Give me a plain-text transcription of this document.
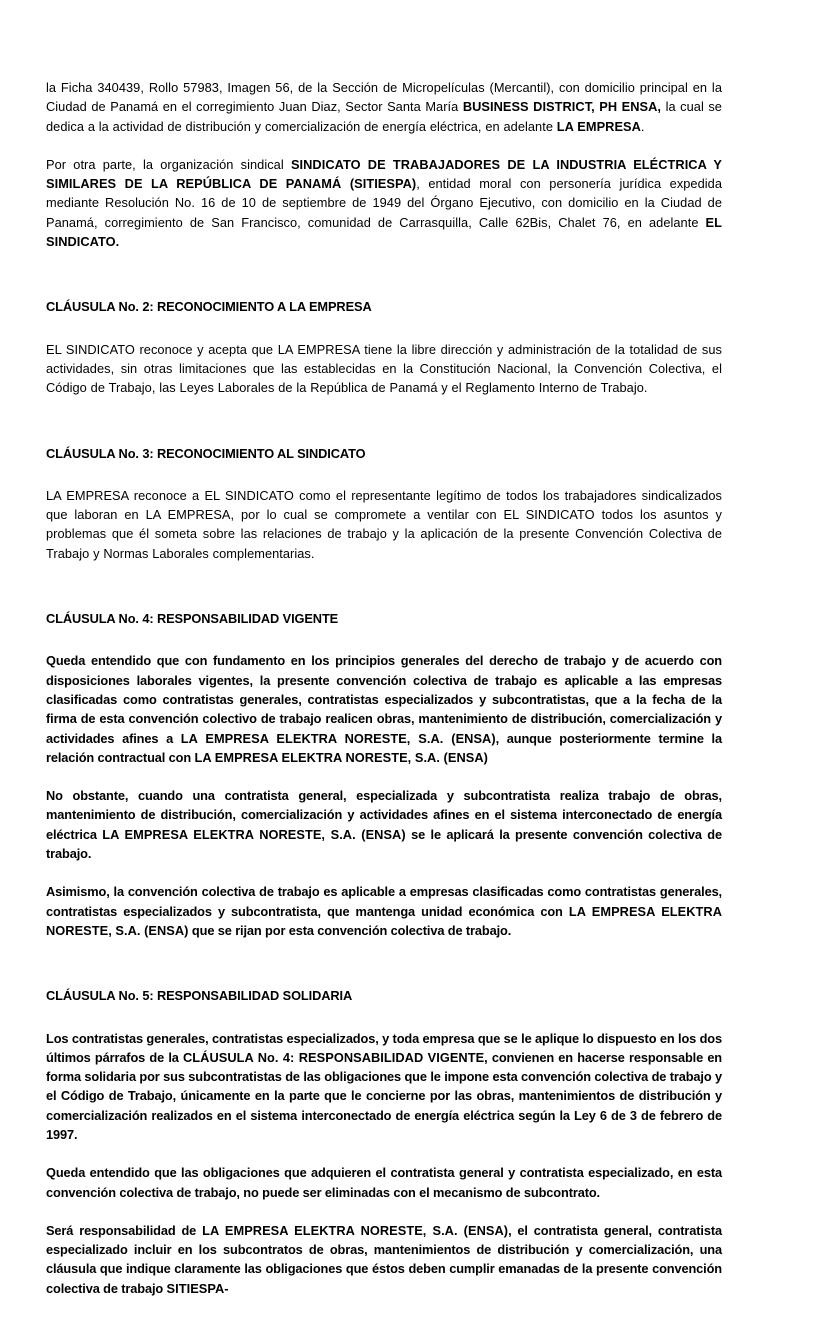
la Ficha 340439, Rollo 57983, Imagen 56, de la Sección de Micropelículas (Mercantil), con domicilio principal en la Ciudad de Panamá en el corregimiento Juan Diaz, Sector Santa María BUSINESS DISTRICT, PH ENSA, la cual se dedica a la actividad de distribución y comercialización de energía eléctrica, en adelante LA EMPRESA.

Por otra parte, la organización sindical SINDICATO DE TRABAJADORES DE LA INDUSTRIA ELÉCTRICA Y SIMILARES DE LA REPÚBLICA DE PANAMÁ (SITIESPA), entidad moral con personería jurídica expedida mediante Resolución No. 16 de 10 de septiembre de 1949 del Órgano Ejecutivo, con domicilio en la Ciudad de Panamá, corregimiento de San Francisco, comunidad de Carrasquilla, Calle 62Bis, Chalet 76, en adelante EL SINDICATO.

CLÁUSULA No. 2: RECONOCIMIENTO A LA EMPRESA

EL SINDICATO reconoce y acepta que LA EMPRESA tiene la libre dirección y administración de la totalidad de sus actividades, sin otras limitaciones que las establecidas en la Constitución Nacional, la Convención Colectiva, el Código de Trabajo, las Leyes Laborales de la República de Panamá y el Reglamento Interno de Trabajo.

CLÁUSULA No. 3: RECONOCIMIENTO AL SINDICATO

LA EMPRESA reconoce a EL SINDICATO como el representante legítimo de todos los trabajadores sindicalizados que laboran en LA EMPRESA, por lo cual se compromete a ventilar con EL SINDICATO todos los asuntos y problemas que él someta sobre las relaciones de trabajo y la aplicación de la presente Convención Colectiva de Trabajo y Normas Laborales complementarias.

CLÁUSULA No. 4: RESPONSABILIDAD VIGENTE

Queda entendido que con fundamento en los principios generales del derecho de trabajo y de acuerdo con disposiciones laborales vigentes, la presente convención colectiva de trabajo es aplicable a las empresas clasificadas como contratistas generales, contratistas especializados y subcontratistas, que a la fecha de la firma de esta convención colectivo de trabajo realicen obras, mantenimiento de distribución, comercialización y actividades afines a LA EMPRESA ELEKTRA NORESTE, S.A. (ENSA), aunque posteriormente termine la relación contractual con LA EMPRESA ELEKTRA NORESTE, S.A. (ENSA)

No obstante, cuando una contratista general, especializada y subcontratista realiza trabajo de obras, mantenimiento de distribución, comercialización y actividades afines en el sistema interconectado de energía eléctrica LA EMPRESA ELEKTRA NORESTE, S.A. (ENSA) se le aplicará la presente convención colectiva de trabajo.

Asimismo, la convención colectiva de trabajo es aplicable a empresas clasificadas como contratistas generales, contratistas especializados y subcontratista, que mantenga unidad económica con LA EMPRESA ELEKTRA NORESTE, S.A. (ENSA) que se rijan por esta convención colectiva de trabajo.

CLÁUSULA No. 5: RESPONSABILIDAD SOLIDARIA

Los contratistas generales, contratistas especializados, y toda empresa que se le aplique lo dispuesto en los dos últimos párrafos de la CLÁUSULA No. 4: RESPONSABILIDAD VIGENTE, convienen en hacerse responsable en forma solidaria por sus subcontratistas de las obligaciones que le impone esta convención colectiva de trabajo y el Código de Trabajo, únicamente en la parte que le concierne por las obras, mantenimientos de distribución y comercialización realizados en el sistema interconectado de energía eléctrica según la Ley 6 de 3 de febrero de 1997.

Queda entendido que las obligaciones que adquieren el contratista general y contratista especializado, en esta convención colectiva de trabajo, no puede ser eliminadas con el mecanismo de subcontrato.

Será responsabilidad de LA EMPRESA ELEKTRA NORESTE, S.A. (ENSA), el contratista general, contratista especializado incluir en los subcontratos de obras, mantenimientos de distribución y comercialización, una cláusula que indique claramente las obligaciones que éstos deben cumplir emanadas de la presente convención colectiva de trabajo SITIESPA-
